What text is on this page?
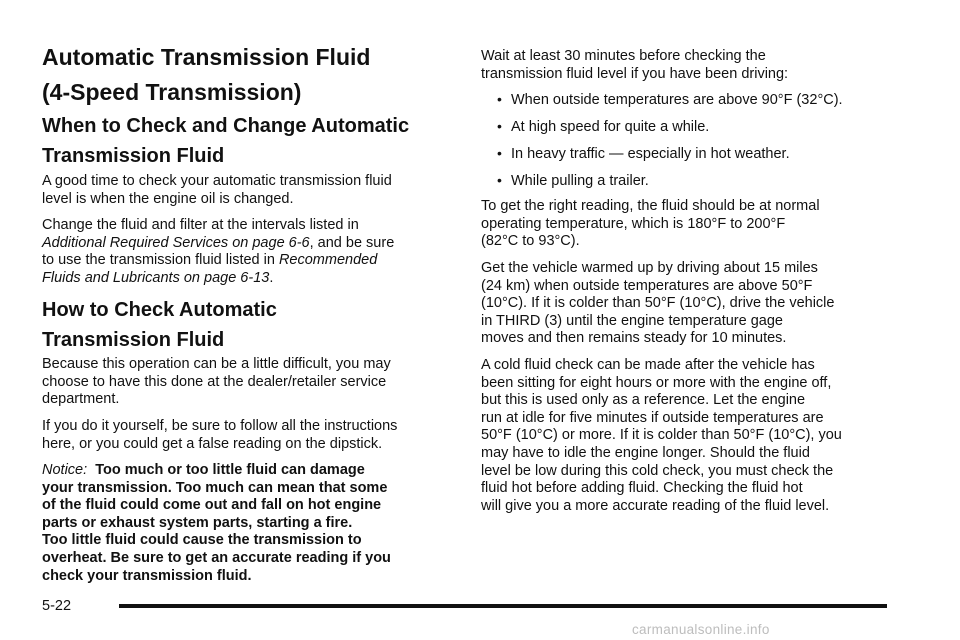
Automatic Transmission Fluid
(4-Speed Transmission)
When to Check and Change Automatic
Transmission Fluid

A good time to check your automatic transmission fluid
level is when the engine oil is changed.

Change the fluid and filter at the intervals listed in
Additional Required Services on page 6-6, and be sure
to use the transmission fluid listed in Recommended
Fluids and Lubricants on page 6-13.

How to Check Automatic
Transmission Fluid

Because this operation can be a little difficult, you may
choose to have this done at the dealer/retailer service
department.

If you do it yourself, be sure to follow all the instructions
here, or you could get a false reading on the dipstick.

Notice: Too much or too little fluid can damage
your transmission. Too much can mean that some
of the fluid could come out and fall on hot engine
parts or exhaust system parts, starting a fire.
Too little fluid could cause the transmission to
overheat. Be sure to get an accurate reading if you
check your transmission fluid.

Wait at least 30 minutes before checking the
transmission fluid level if you have been driving:

• When outside temperatures are above 90°F (32°C).
• At high speed for quite a while.
• In heavy traffic — especially in hot weather.
• While pulling a trailer.

To get the right reading, the fluid should be at normal
operating temperature, which is 180°F to 200°F
(82°C to 93°C).

Get the vehicle warmed up by driving about 15 miles
(24 km) when outside temperatures are above 50°F
(10°C). If it is colder than 50°F (10°C), drive the vehicle
in THIRD (3) until the engine temperature gage
moves and then remains steady for 10 minutes.

A cold fluid check can be made after the vehicle has
been sitting for eight hours or more with the engine off,
but this is used only as a reference. Let the engine
run at idle for five minutes if outside temperatures are
50°F (10°C) or more. If it is colder than 50°F (10°C), you
may have to idle the engine longer. Should the fluid
level be low during this cold check, you must check the
fluid hot before adding fluid. Checking the fluid hot
will give you a more accurate reading of the fluid level.

5-22
carmanualsonline.info
